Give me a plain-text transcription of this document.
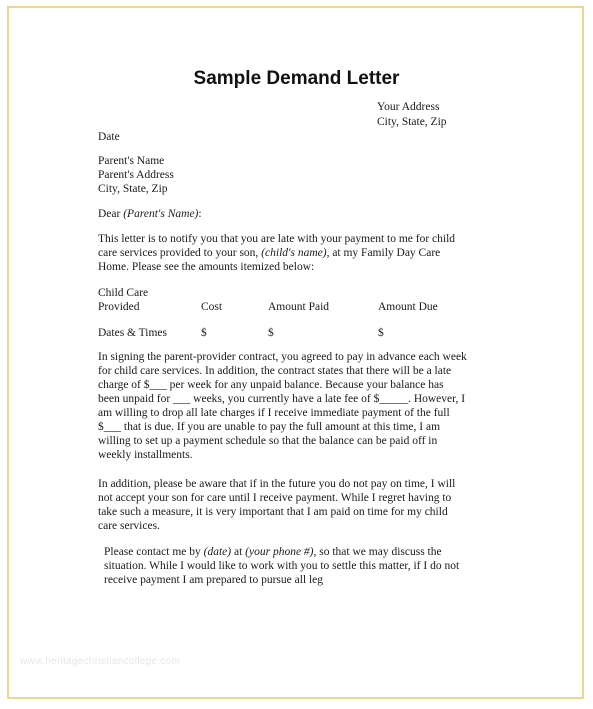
Sample Demand Letter
Your Address
City, State, Zip
Date
Parent's Name
Parent's Address
City, State, Zip
Dear (Parent's Name):
This letter is to notify you that you are late with your payment to me for child
care services provided to your son, (child's name), at my Family Day Care
Home. Please see the amounts itemized below:
Child Care
Provided	Cost	Amount Paid	Amount Due
Dates & Times	$	$	$
In signing the parent-provider contract, you agreed to pay in advance each week
for child care services. In addition, the contract states that there will be a late
charge of $___ per week for any unpaid balance. Because your balance has
been unpaid for ___ weeks, you currently have a late fee of $_____. However, I
am willing to drop all late charges if I receive immediate payment of the full
$___ that is due. If you are unable to pay the full amount at this time, I am
willing to set up a payment schedule so that the balance can be paid off in
weekly installments.
In addition, please be aware that if in the future you do not pay on time, I will
not accept your son for care until I receive payment. While I regret having to
take such a measure, it is very important that I am paid on time for my child
care services.
Please contact me by (date) at (your phone #), so that we may discuss the
situation. While I would like to work with you to settle this matter, if I do not
receive payment I am prepared to pursue all leg
www.heritagechristiancollege.com
